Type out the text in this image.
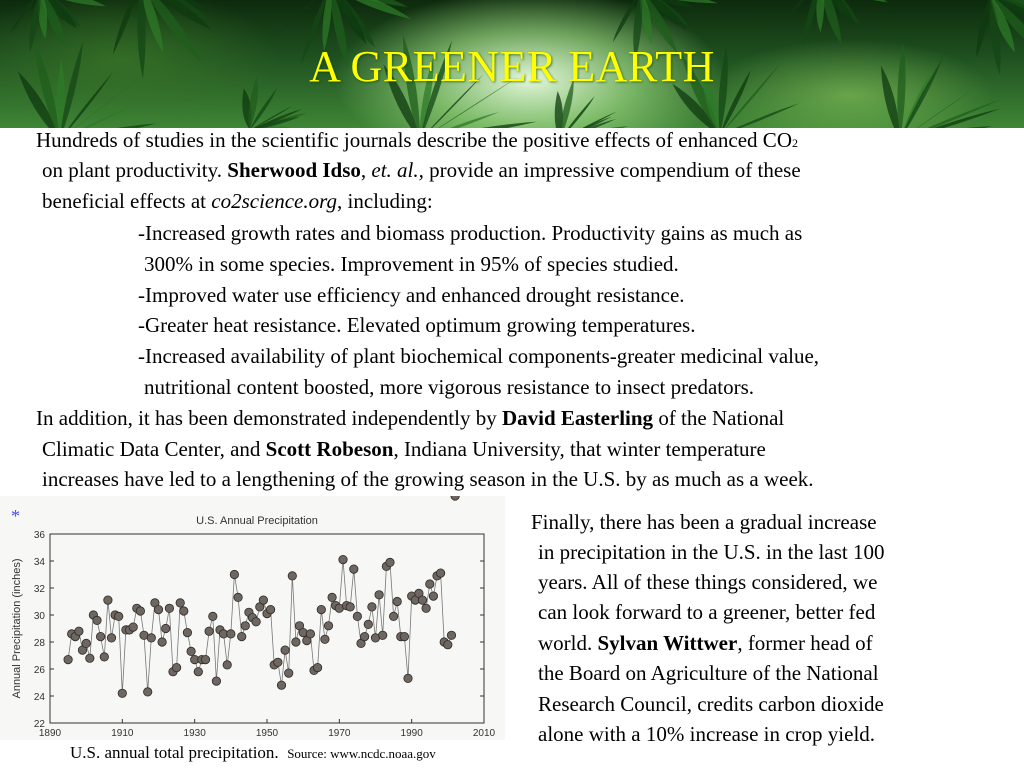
A GREENER EARTH
Hundreds of studies in the scientific journals describe the positive effects of enhanced CO2
on plant productivity. Sherwood Idso, et. al., provide an impressive compendium of these
beneficial effects at co2science.org, including:
-Increased growth rates and biomass production. Productivity gains as much as
300% in some species. Improvement in 95% of species studied.
-Improved water use efficiency and enhanced drought resistance.
-Greater heat resistance. Elevated optimum growing temperatures.
-Increased availability of plant biochemical components-greater medicinal value,
nutritional content boosted, more vigorous resistance to insect predators.
In addition, it has been demonstrated independently by David Easterling of the National
Climatic Data Center, and Scott Robeson, Indiana University, that winter temperature
increases have led to a lengthening of the growing season in the U.S. by as much as a week.
U.S. Annual Precipitation
Annual Precipitation (inches)
22
24
26
28
30
32
34
36
1890	1910	1930	1950	1970	1990	2010
*
U.S. annual total precipitation. Source: www.ncdc.noaa.gov
Finally, there has been a gradual increase
in precipitation in the U.S. in the last 100
years. All of these things considered, we
can look forward to a greener, better fed
world. Sylvan Wittwer, former head of
the Board on Agriculture of the National
Research Council, credits carbon dioxide
alone with a 10% increase in crop yield.
